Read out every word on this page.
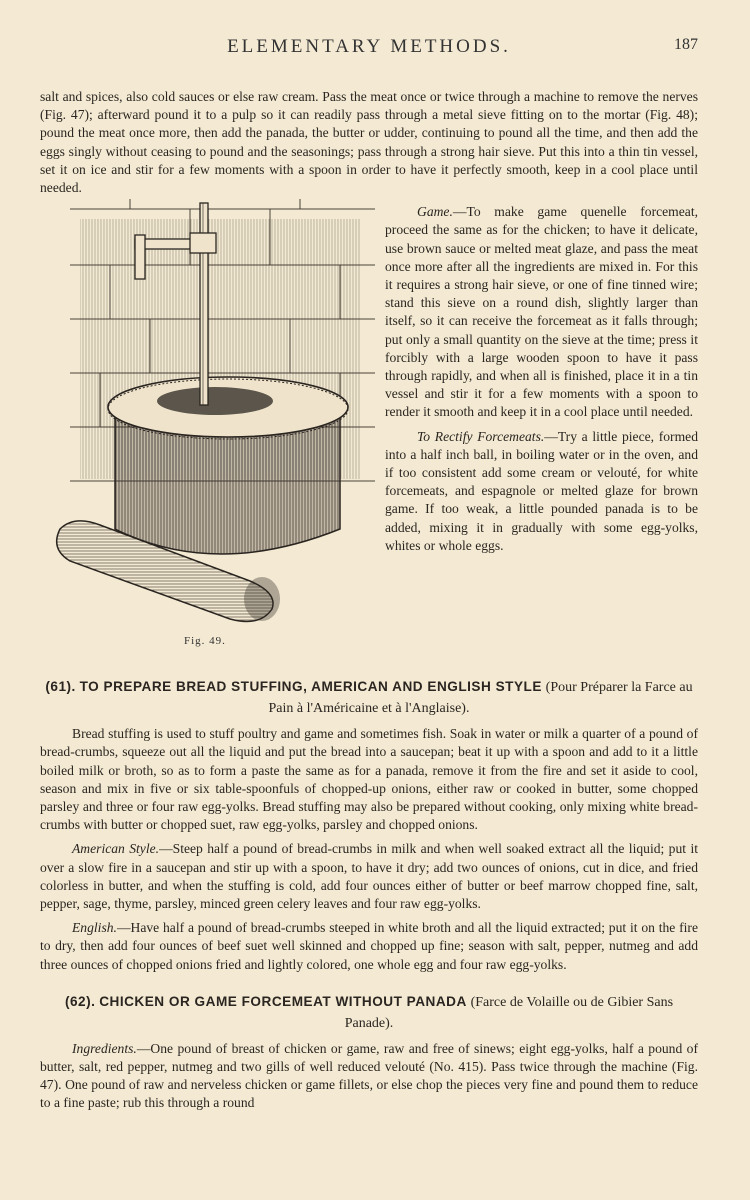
ELEMENTARY METHODS.	187

salt and spices, also cold sauces or else raw cream. Pass the meat once or twice through a machine to remove the nerves (Fig. 47); afterward pound it to a pulp so it can readily pass through a metal sieve fitting on to the mortar (Fig. 48); pound the meat once more, then add the panada, the butter or udder, continuing to pound all the time, and then add the eggs singly without ceasing to pound and the seasonings; pass through a strong hair sieve. Put this into a thin tin vessel, set it on ice and stir for a few moments with a spoon in order to have it perfectly smooth, keep in a cool place until needed.

Fig. 49.

Game.—To make game quenelle forcemeat, proceed the same as for the chicken; to have it delicate, use brown sauce or melted meat glaze, and pass the meat once more after all the ingredients are mixed in. For this it requires a strong hair sieve, or one of fine tinned wire; stand this sieve on a round dish, slightly larger than itself, so it can receive the forcemeat as it falls through; put only a small quantity on the sieve at the time; press it forcibly with a large wooden spoon to have it pass through rapidly, and when all is finished, place it in a tin vessel and stir it for a few moments with a spoon to render it smooth and keep it in a cool place until needed.

To Rectify Forcemeats.—Try a little piece, formed into a half inch ball, in boiling water or in the oven, and if too consistent add some cream or velouté, for white forcemeats, and espagnole or melted glaze for brown game. If too weak, a little pounded panada is to be added, mixing it in gradually with some egg-yolks, whites or whole eggs.

(61). TO PREPARE BREAD STUFFING, AMERICAN AND ENGLISH STYLE (Pour Préparer la Farce au Pain à l'Américaine et à l'Anglaise).

Bread stuffing is used to stuff poultry and game and sometimes fish. Soak in water or milk a quarter of a pound of bread-crumbs, squeeze out all the liquid and put the bread into a saucepan; beat it up with a spoon and add to it a little boiled milk or broth, so as to form a paste the same as for a panada, remove it from the fire and set it aside to cool, season and mix in five or six table-spoonfuls of chopped-up onions, either raw or cooked in butter, some chopped parsley and three or four raw egg-yolks. Bread stuffing may also be prepared without cooking, only mixing white bread-crumbs with butter or chopped suet, raw egg-yolks, parsley and chopped onions.

American Style.—Steep half a pound of bread-crumbs in milk and when well soaked extract all the liquid; put it over a slow fire in a saucepan and stir up with a spoon, to have it dry; add two ounces of onions, cut in dice, and fried colorless in butter, and when the stuffing is cold, add four ounces either of butter or beef marrow chopped fine, salt, pepper, sage, thyme, parsley, minced green celery leaves and four raw egg-yolks.

English.—Have half a pound of bread-crumbs steeped in white broth and all the liquid extracted; put it on the fire to dry, then add four ounces of beef suet well skinned and chopped up fine; season with salt, pepper, nutmeg and add three ounces of chopped onions fried and lightly colored, one whole egg and four raw egg-yolks.

(62). CHICKEN OR GAME FORCEMEAT WITHOUT PANADA (Farce de Volaille ou de Gibier Sans Panade).

Ingredients.—One pound of breast of chicken or game, raw and free of sinews; eight egg-yolks, half a pound of butter, salt, red pepper, nutmeg and two gills of well reduced velouté (No. 415). Pass twice through the machine (Fig. 47). One pound of raw and nerveless chicken or game fillets, or else chop the pieces very fine and pound them to reduce to a fine paste; rub this through a round
